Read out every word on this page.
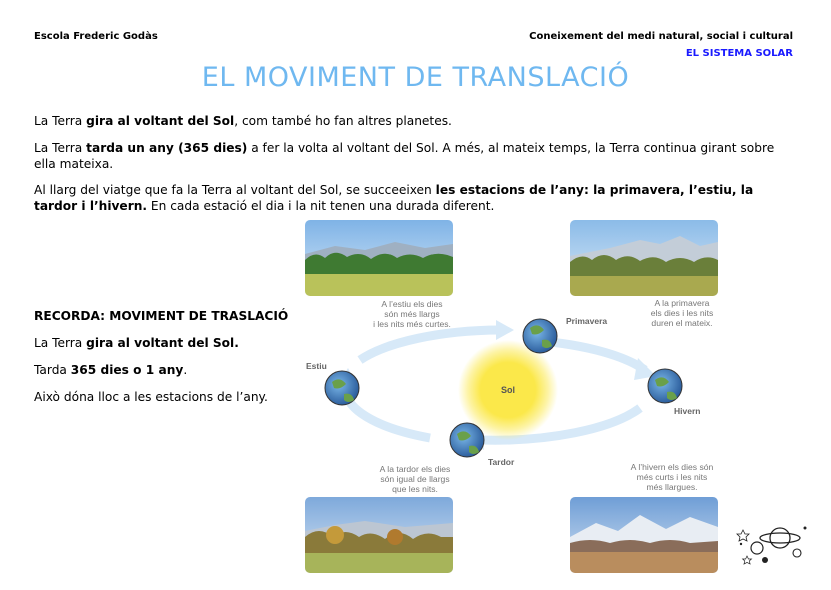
Escola Frederic Godàs	Coneixement del medi natural, social i cultural
EL SISTEMA SOLAR
EL MOVIMENT DE TRANSLACIÓ
La Terra gira al voltant del Sol, com també ho fan altres planetes.
La Terra tarda un any (365 dies) a fer la volta al voltant del Sol. A més, al mateix temps, la Terra continua girant sobre ella mateixa.
Al llarg del viatge que fa la Terra al voltant del Sol, se succeeixen les estacions de l’any: la primavera, l’estiu, la tardor i l’hivern. En cada estació el dia i la nit tenen una durada diferent.
RECORDA: MOVIMENT DE TRASLACIÓ
La Terra gira al voltant del Sol.
Tarda 365 dies o 1 any.
Això dóna lloc a les estacions de l’any.	Sol
Primavera
Estiu
Tardor
Hivern
A l’estiu els dies
són més llargs
i les nits més curtes.
A la primavera
els dies i les nits
duren el mateix.
A la tardor els dies
són igual de llargs
que les nits.
A l’hivern els dies són
més curts i les nits
més llargues.
